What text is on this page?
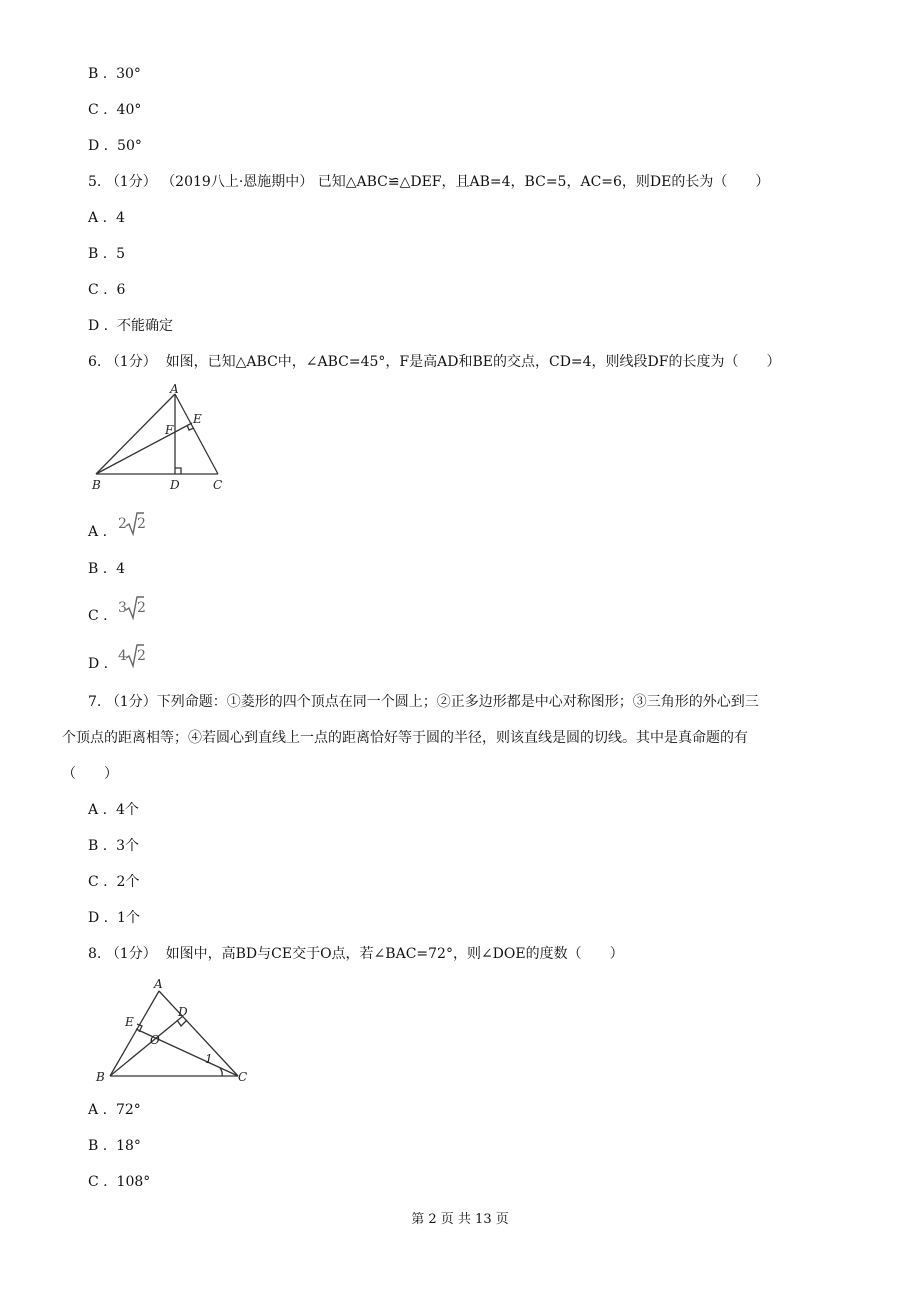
B .  30°
C .  40°
D .  50°
5. （1分） （2019八上·恩施期中） 已知△ABC≌△DEF，且AB=4，BC=5，AC=6，则DE的长为（　　）
A .  4
B .  5
C .  6
D .  不能确定
6. （1分） 如图，已知△ABC中，∠ABC=45°，F是高AD和BE的交点，CD=4，则线段DF的长度为（　　）
A
B	D	C
E
F
A . 2 2
B .  4
C . 3 2
D . 4 2
7. （1分）下列命题：①菱形的四个顶点在同一个圆上；②正多边形都是中心对称图形；③三角形的外心到三
个顶点的距离相等；④若圆心到直线上一点的距离恰好等于圆的半径，则该直线是圆的切线。其中是真命题的有
（　　）
A .  4个
B .  3个
C .  2个
D .  1个
8. （1分） 如图中，高BD与CE交于O点，若∠BAC=72°，则∠DOE的度数（　　）
A
B	C
D
E
O
1
A .  72°
B .  18°
C .  108°
第 2 页 共 13 页
